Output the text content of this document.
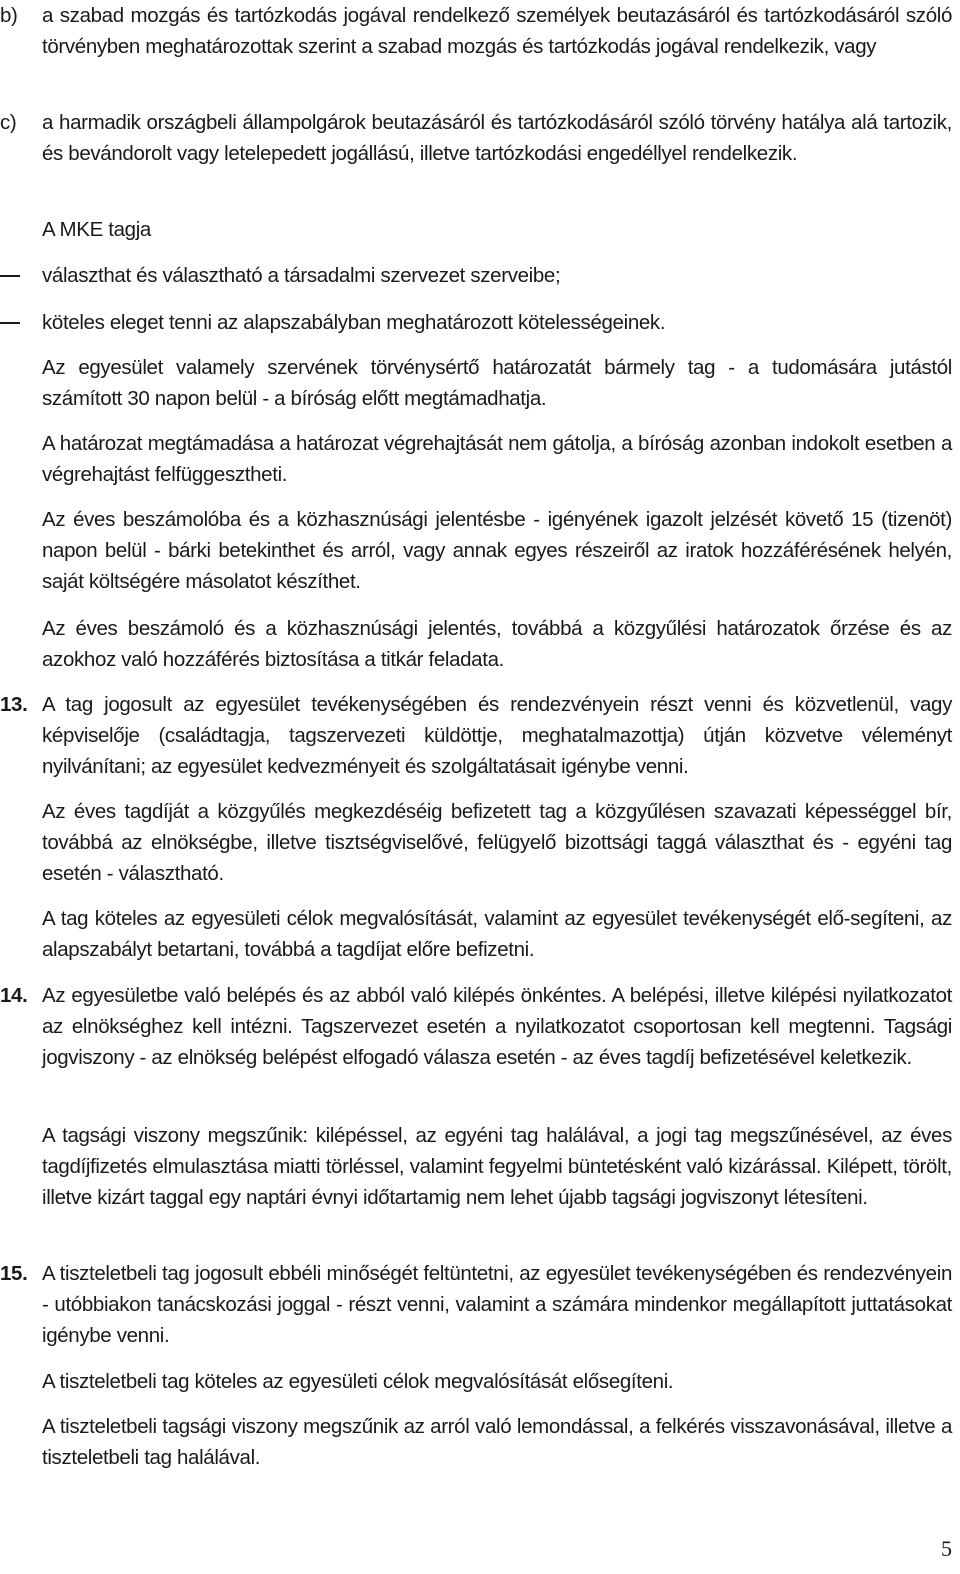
b)	a szabad mozgás és tartózkodás jogával rendelkező személyek beutazásáról és tartózkodásáról szóló törvényben meghatározottak szerint a szabad mozgás és tartózkodás jogával rendelkezik, vagy
c)	a harmadik országbeli állampolgárok beutazásáról és tartózkodásáról szóló törvény hatálya alá tartozik, és bevándorolt vagy letelepedett jogállású, illetve tartózkodási engedéllyel rendelkezik.
A MKE tagja
választhat és választható a társadalmi szervezet szerveibe;
köteles eleget tenni az alapszabályban meghatározott kötelességeinek.
Az egyesület valamely szervének törvénysértő határozatát bármely tag - a tudomására jutástól számított 30 napon belül - a bíróság előtt megtámadhatja.
A határozat megtámadása a határozat végrehajtását nem gátolja, a bíróság azonban indokolt esetben a végrehajtást felfüggesztheti.
Az éves beszámolóba és a közhasznúsági jelentésbe - igényének igazolt jelzését követő 15 (tizenöt) napon belül - bárki betekinthet és arról, vagy annak egyes részeiről az iratok hozzáférésének helyén, saját költségére másolatot készíthet.
Az éves beszámoló és a közhasznúsági jelentés, továbbá a közgyűlési határozatok őrzése és az azokhoz való hozzáférés biztosítása a titkár feladata.
13. A tag jogosult az egyesület tevékenységében és rendezvényein részt venni és közvetlenül, vagy képviselője (családtagja, tagszervezeti küldöttje, meghatalmazottja) útján közvetve véleményt nyilvánítani; az egyesület kedvezményeit és szolgáltatásait igénybe venni.
Az éves tagdíját a közgyűlés megkezdéséig befizetett tag a közgyűlésen szavazati képességgel bír, továbbá az elnökségbe, illetve tisztségviselővé, felügyelő bizottsági taggá választhat és - egyéni tag esetén - választható.
A tag köteles az egyesületi célok megvalósítását, valamint az egyesület tevékenységét elő-segíteni, az alapszabályt betartani, továbbá a tagdíjat előre befizetni.
14. Az egyesületbe való belépés és az abból való kilépés önkéntes. A belépési, illetve kilépési nyilatkozatot az elnökséghez kell intézni. Tagszervezet esetén a nyilatkozatot csoportosan kell megtenni. Tagsági jogviszony - az elnökség belépést elfogadó válasza esetén - az éves tagdíj befizetésével keletkezik.
A tagsági viszony megszűnik: kilépéssel, az egyéni tag halálával, a jogi tag megszűnésével, az éves tagdíjfizetés elmulasztása miatti törléssel, valamint fegyelmi büntetésként való kizárással. Kilépett, törölt, illetve kizárt taggal egy naptári évnyi időtartamig nem lehet újabb tagsági jogviszonyt létesíteni.
15. A tiszteletbeli tag jogosult ebbéli minőségét feltüntetni, az egyesület tevékenységében és rendezvényein - utóbbiakon tanácskozási joggal - részt venni, valamint a számára mindenkor megállapított juttatásokat igénybe venni.
A tiszteletbeli tag köteles az egyesületi célok megvalósítását elősegíteni.
A tiszteletbeli tagsági viszony megszűnik az arról való lemondással, a felkérés visszavonásával, illetve a tiszteletbeli tag halálával.
5
